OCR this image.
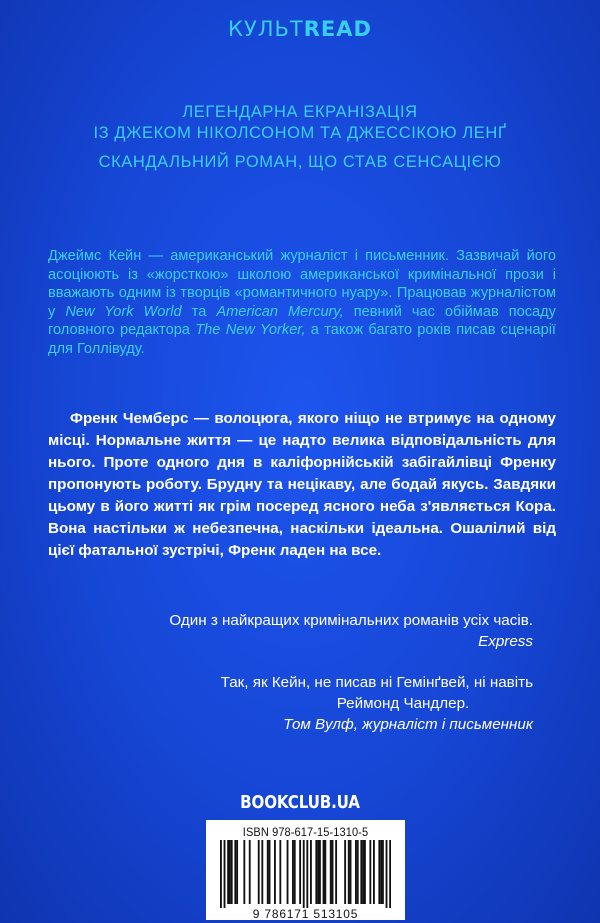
КУЛЬТREAD
ЛЕГЕНДАРНА ЕКРАНІЗАЦІЯ
ІЗ ДЖЕКОМ НІКОЛСОНОМ ТА ДЖЕССІКОЮ ЛЕНҐ
СКАНДАЛЬНИЙ РОМАН, ЩО СТАВ СЕНСАЦІЄЮ
Джеймс Кейн — американський журналіст і письменник. Зазвичай його асоціюють із «жорсткою» школою американської кримінальної прози і вважають одним із творців «романтичного нуару». Працював журналістом у New York World та American Mercury, певний час обіймав посаду головного редактора The New Yorker, а також багато років писав сценарії для Голлівуду.
Френк Чемберс — волоцюга, якого ніщо не втримує на одному місці. Нормальне життя — це надто велика відповідальність для нього. Проте одного дня в каліфорнійській забігайлівці Френку пропонують роботу. Брудну та нецікаву, але бодай якусь. Завдяки цьому в його житті як грім посеред ясного неба з'являється Кора. Вона настільки ж небезпечна, наскільки ідеальна. Ошалілий від цієї фатальної зустрічі, Френк ладен на все.
Один з найкращих кримінальних романів усіх часів.
Express
Так, як Кейн, не писав ні Гемінґвей, ні навіть
Реймонд Чандлер.
Том Вулф, журналіст і письменник
BOOKCLUB.UA
ISBN 978-617-15-1310-5
9 786171 513105
